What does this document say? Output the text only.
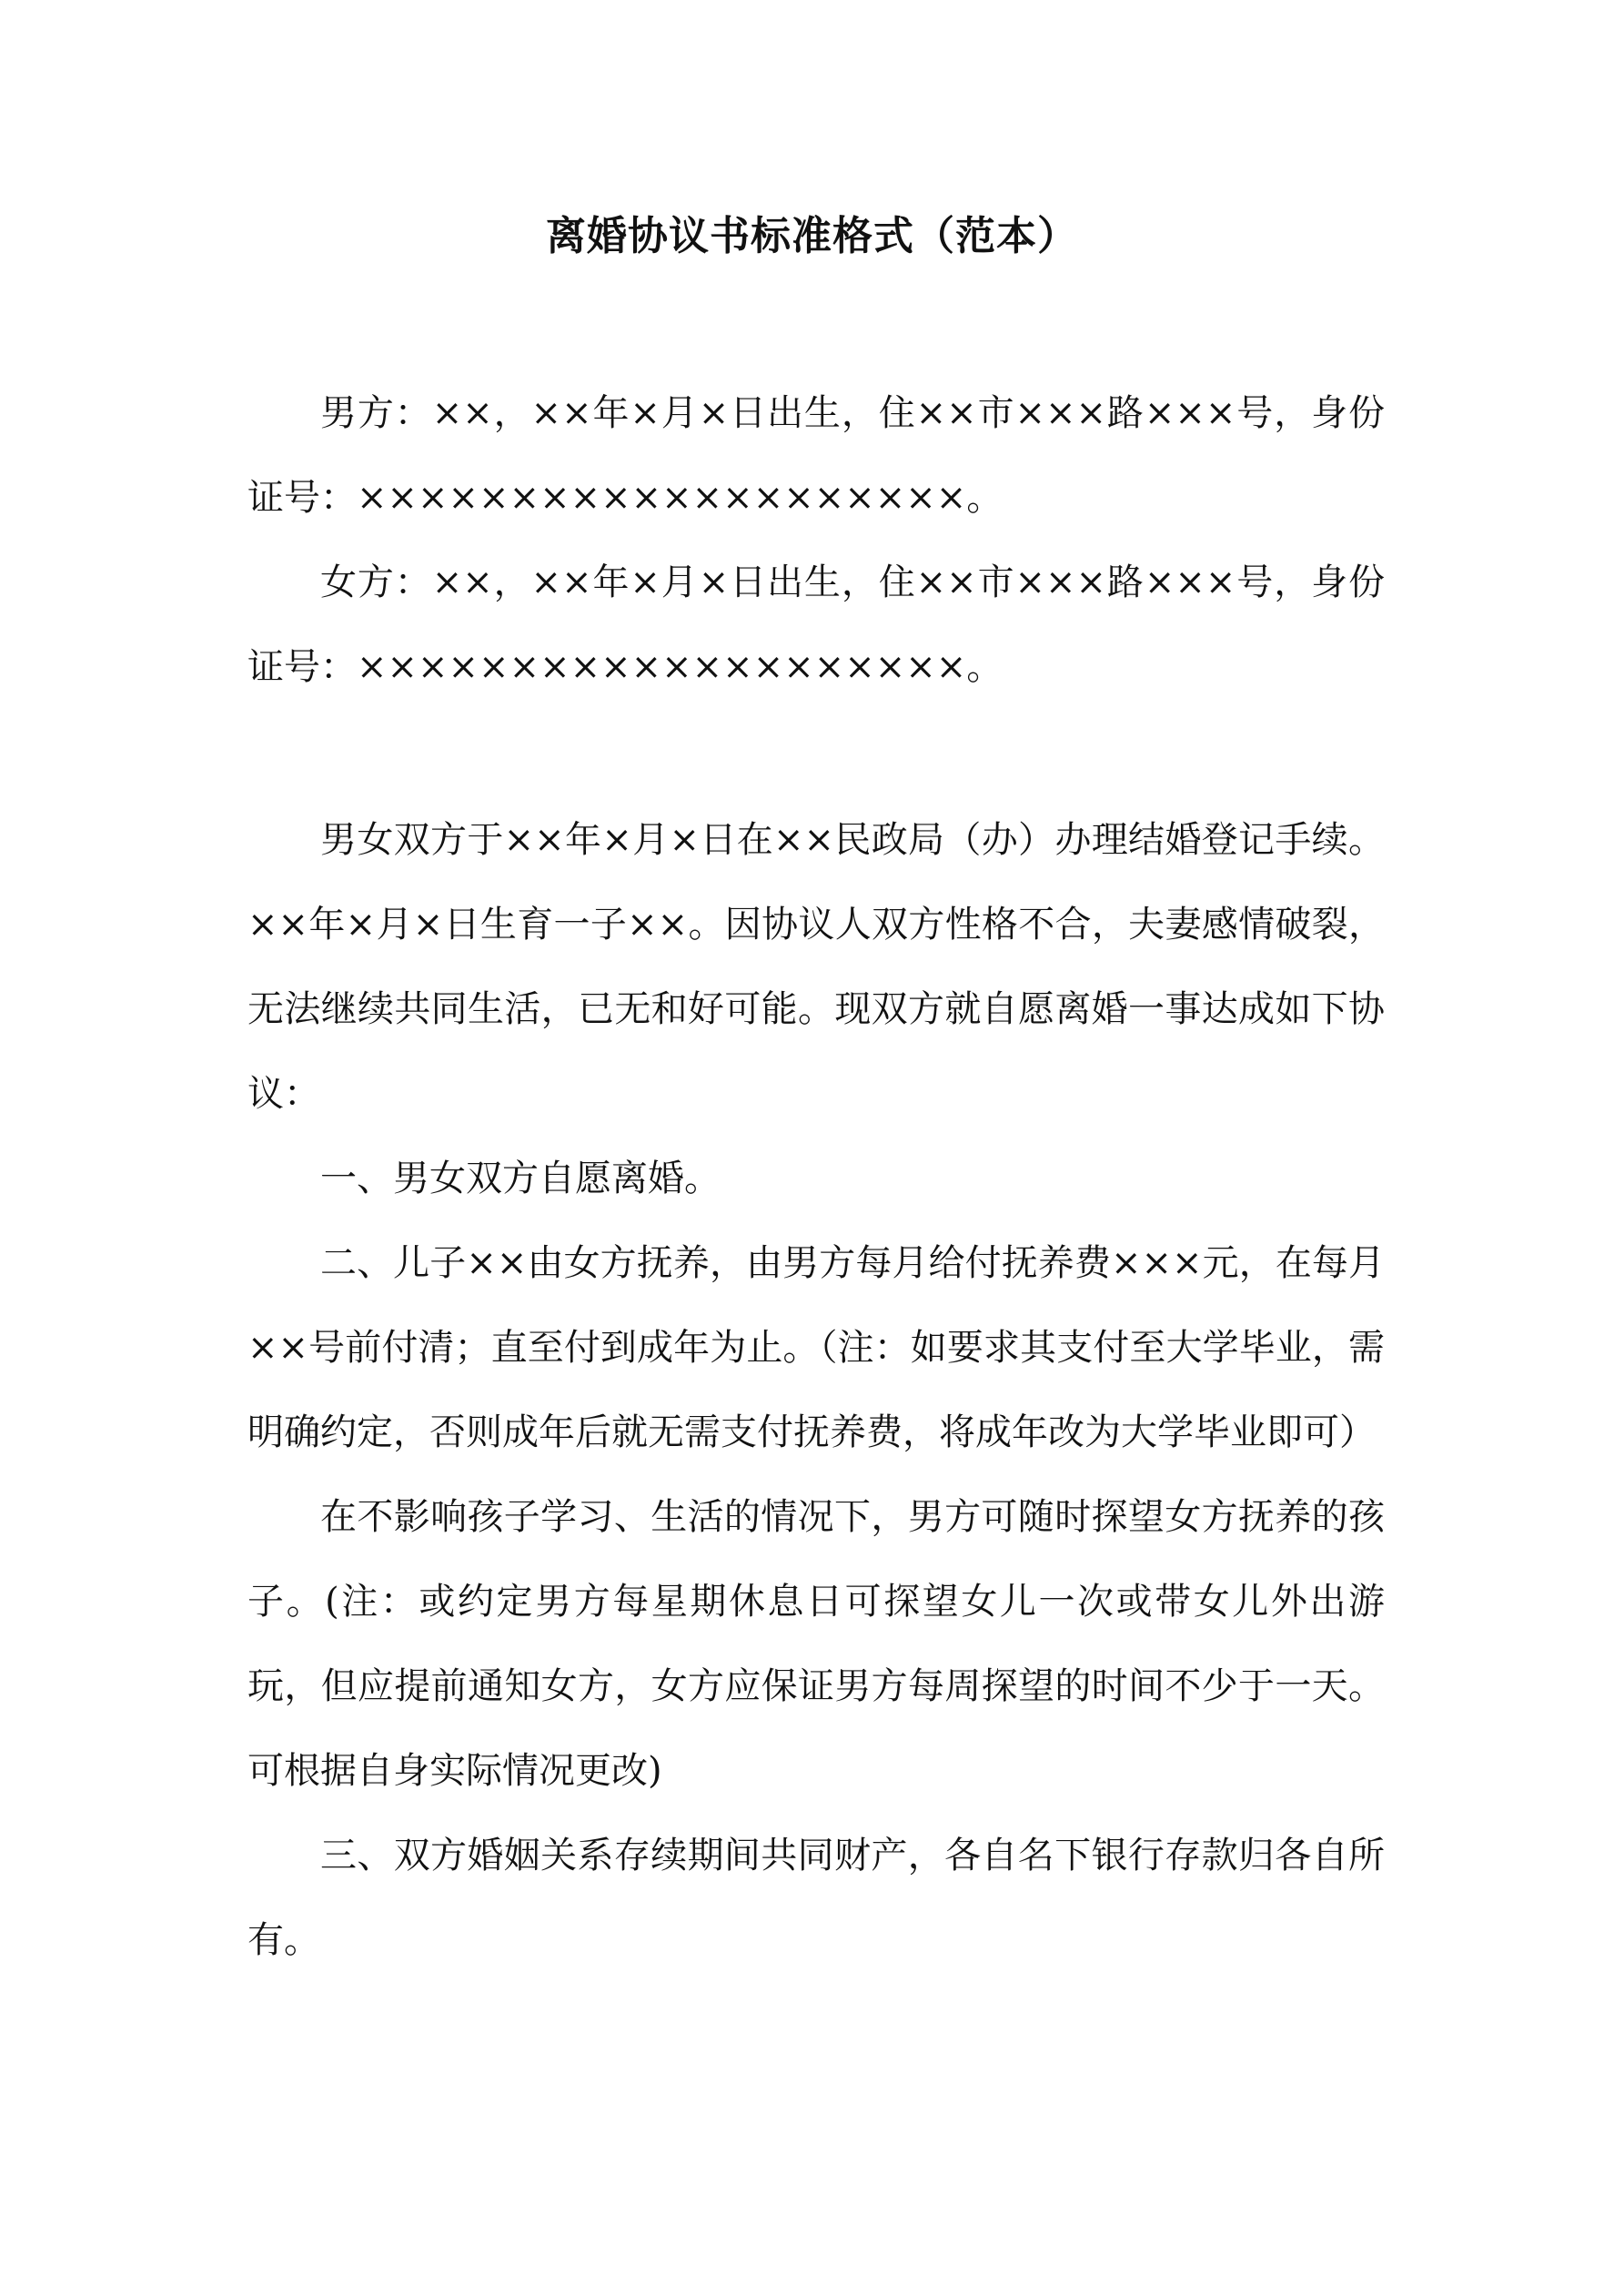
离婚协议书标准格式（范本）

男方：××，××年×月×日出生，住××市×××路×××号，身份证号：××××××××××××××××××××。

女方：××，××年×月×日出生，住××市×××路×××号，身份证号：××××××××××××××××××××。

男女双方于××年×月×日在××民政局（办）办理结婚登记手续。××年×月×日生育一子××。因协议人双方性格不合，夫妻感情破裂，无法继续共同生活，已无和好可能。现双方就自愿离婚一事达成如下协议：

一、男女双方自愿离婚。

二、儿子××由女方抚养，由男方每月给付抚养费×××元，在每月××号前付清；直至付到成年为止。（注：如要求其支付至大学毕业，需明确约定，否则成年后就无需支付抚养费，将成年改为大学毕业即可）

在不影响孩子学习、生活的情况下，男方可随时探望女方抚养的孩子。(注：或约定男方每星期休息日可探望女儿一次或带女儿外出游玩，但应提前通知女方，女方应保证男方每周探望的时间不少于一天。可根据自身实际情况更改)

三、双方婚姻关系存续期间共同财产，各自名下银行存款归各自所有。
